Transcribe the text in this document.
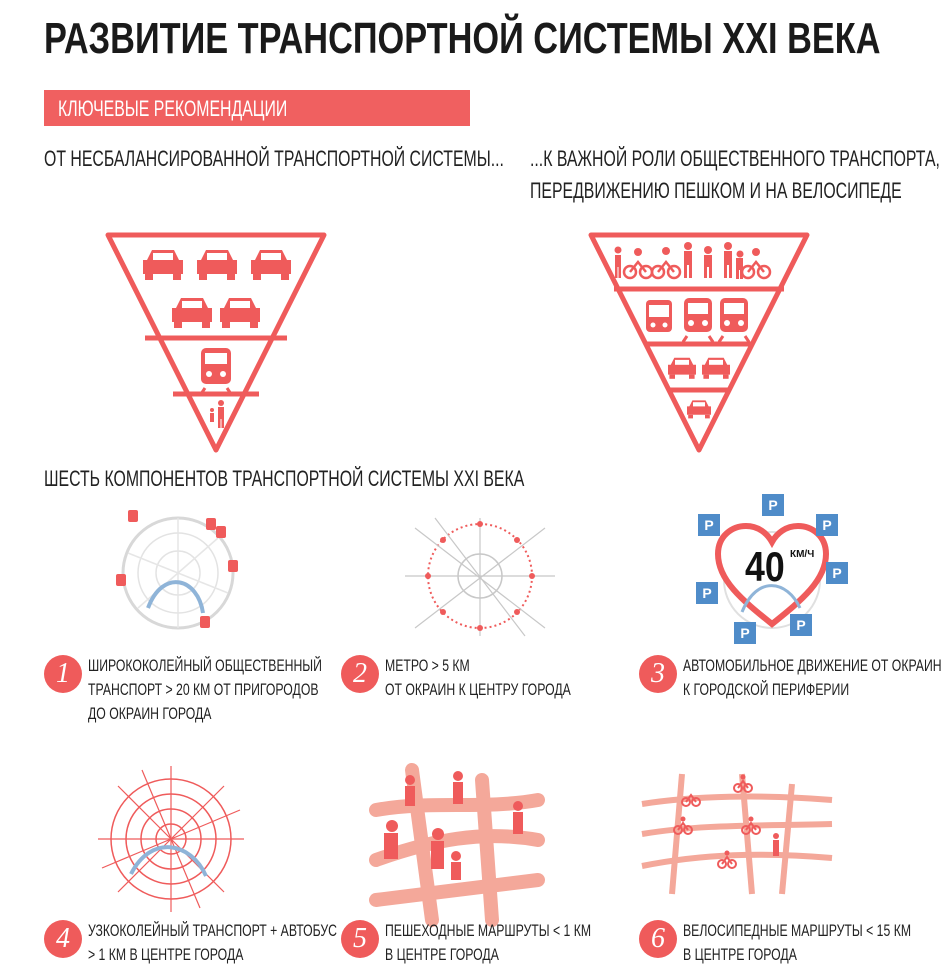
РАЗВИТИЕ ТРАНСПОРТНОЙ СИСТЕМЫ XXI ВЕКА
КЛЮЧЕВЫЕ РЕКОМЕНДАЦИИ
ОТ НЕСБАЛАНСИРОВАННОЙ ТРАНСПОРТНОЙ СИСТЕМЫ... ...К ВАЖНОЙ РОЛИ ОБЩЕСТВЕННОГО ТРАНСПОРТА,
ПЕРЕДВИЖЕНИЮ ПЕШКОМ И НА ВЕЛОСИПЕДЕ
ШЕСТЬ КОМПОНЕНТОВ ТРАНСПОРТНОЙ СИСТЕМЫ XXI ВЕКА
40 КМ/Ч
P
P	P
P
P
P	P
1	ШИРОКОКОЛЕЙНЫЙ ОБЩЕСТВЕННЫЙ
ТРАНСПОРТ > 20 КМ ОТ ПРИГОРОДОВ
ДО ОКРАИН ГОРОДА
2	МЕТРО > 5 КМ
ОТ ОКРАИН К ЦЕНТРУ ГОРОДА
3	АВТОМОБИЛЬНОЕ ДВИЖЕНИЕ ОТ ОКРАИН
К ГОРОДСКОЙ ПЕРИФЕРИИ
4	УЗКОКОЛЕЙНЫЙ ТРАНСПОРТ + АВТОБУС
> 1 КМ В ЦЕНТРЕ ГОРОДА
5	ПЕШЕХОДНЫЕ МАРШРУТЫ < 1 КМ
В ЦЕНТРЕ ГОРОДА
6	ВЕЛОСИПЕДНЫЕ МАРШРУТЫ < 15 КМ
В ЦЕНТРЕ ГОРОДА
